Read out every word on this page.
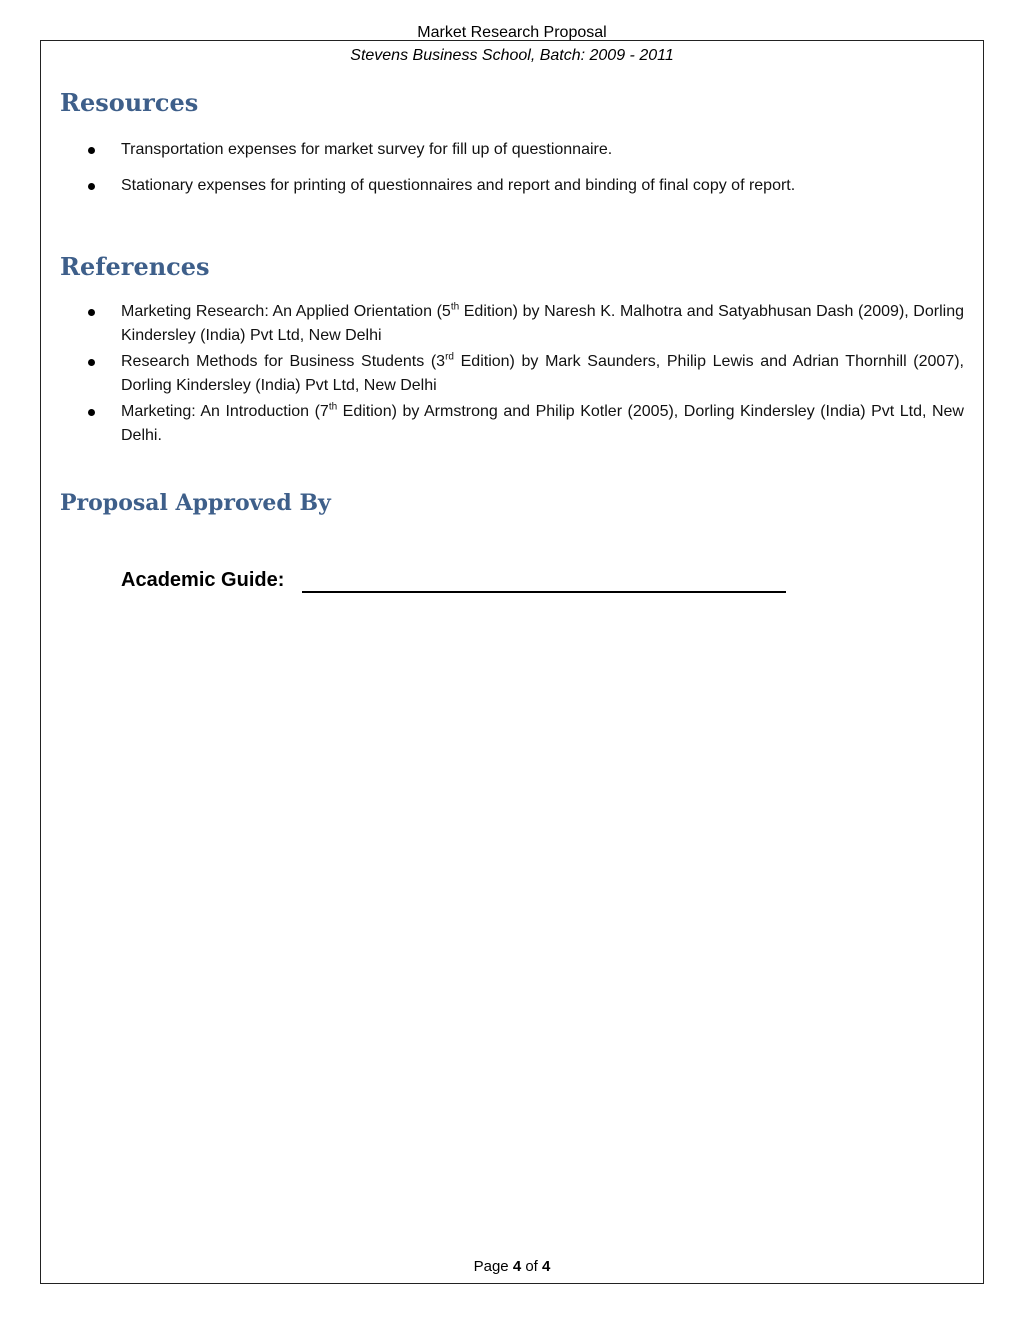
Market Research Proposal
Stevens Business School, Batch: 2009 - 2011
Resources
Transportation expenses for market survey for fill up of questionnaire.
Stationary expenses for printing of questionnaires and report and binding of final copy of report.
References
Marketing Research: An Applied Orientation (5th Edition) by Naresh K. Malhotra and Satyabhusan Dash (2009), Dorling Kindersley (India) Pvt Ltd, New Delhi
Research Methods for Business Students (3rd Edition) by Mark Saunders, Philip Lewis and Adrian Thornhill (2007), Dorling Kindersley (India) Pvt Ltd, New Delhi
Marketing: An Introduction (7th Edition) by Armstrong and Philip Kotler (2005), Dorling Kindersley (India) Pvt Ltd, New Delhi.
Proposal Approved By
Academic Guide:
Page 4 of 4
